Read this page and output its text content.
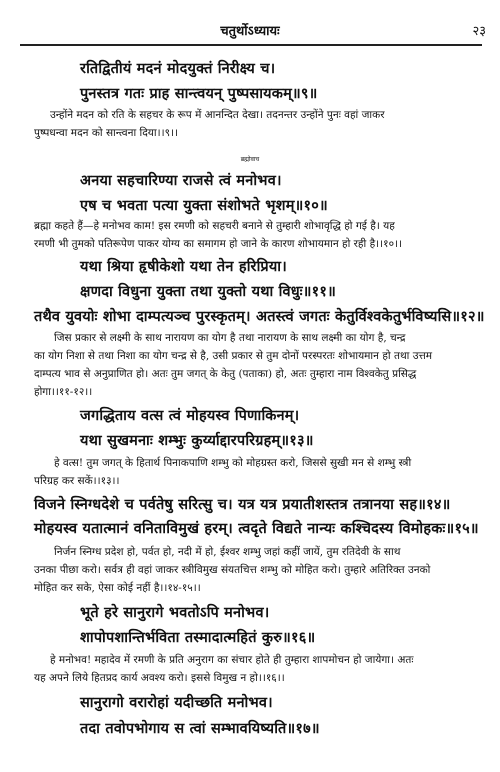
चतुर्थोऽध्यायः	२३
रतिद्वितीयं मदनं मोदयुक्तं निरीक्ष्य च।
पुनस्तत्र गतः प्राह सान्त्वयन् पुष्पसायकम्॥९॥
उन्होंने मदन को रति के सहचर के रूप में आनन्दित देखा। तदनन्तर उन्होंने पुनः वहां जाकर
पुष्पधन्वा मदन को सान्त्वना दिया।।९।।
ब्रह्मोवाच
अनया सहचारिण्या राजसे त्वं मनोभव।
एष च भवता पत्या युक्ता संशोभते भृशम्॥१०॥
ब्रह्मा कहते हैं—हे मनोभव काम! इस रमणी को सहचरी बनाने से तुम्हारी शोभावृद्धि हो गई है। यह
रमणी भी तुमको पतिरूपेण पाकर योग्य का समागम हो जाने के कारण शोभायमान हो रही है।।१०।।
यथा श्रिया हृषीकेशो यथा तेन हरिप्रिया।
क्षणदा विधुना युक्ता तथा युक्तो यथा विधुः॥११॥
तथैव युवयोः शोभा दाम्पत्यञ्च पुरस्कृतम्। अतस्त्वं जगतः केतुर्विश्वकेतुर्भविष्यसि॥१२॥
जिस प्रकार से लक्ष्मी के साथ नारायण का योग है तथा नारायण के साथ लक्ष्मी का योग है, चन्द्र
का योग निशा से तथा निशा का योग चन्द्र से है, उसी प्रकार से तुम दोनों परस्परतः शोभायमान हो तथा उत्तम
दाम्पत्य भाव से अनुप्राणित हो। अतः तुम जगत् के केतु (पताका) हो, अतः तुम्हारा नाम विश्वकेतु प्रसिद्ध
होगा।।११-१२।।
जगद्धिताय वत्स त्वं मोहयस्व पिणाकिनम्।
यथा सुखमनाः शम्भुः कुर्य्याद्दारपरिग्रहम्॥१३॥
हे वत्स! तुम जगत् के हितार्थ पिनाकपाणि शम्भु को मोहग्रस्त करो, जिससे सुखी मन से शम्भु स्त्री
परिग्रह कर सकें।।१३।।
विजने स्निग्धदेशे च पर्वतेषु सरित्सु च। यत्र यत्र प्रयातीशस्तत्र तत्रानया सह॥१४॥
मोहयस्व यतात्मानं वनिताविमुखं हरम्। त्वदृते विद्यते नान्यः कश्चिदस्य विमोहकः॥१५॥
निर्जन स्निग्ध प्रदेश हो, पर्वत हो, नदी में हो, ईश्वर शम्भु जहां कहीं जायें, तुम रतिदेवी के साथ
उनका पीछा करो। सर्वत्र ही वहां जाकर स्त्रीविमुख संयतचित्त शम्भु को मोहित करो। तुम्हारे अतिरिक्त उनको
मोहित कर सके, ऐसा कोई नहीं है।।१४-१५।।
भूते हरे सानुरागे भवतोऽपि मनोभव।
शापोपशान्तिर्भविता तस्मादात्महितं कुरु॥१६॥
हे मनोभव! महादेव में रमणी के प्रति अनुराग का संचार होते ही तुम्हारा शापमोचन हो जायेगा। अतः
यह अपने लिये हितप्रद कार्य अवश्य करो। इससे विमुख न हो।।१६।।
सानुरागो वरारोहां यदीच्छति मनोभव।
तदा तवोपभोगाय स त्वां सम्भावयिष्यति॥१७॥
